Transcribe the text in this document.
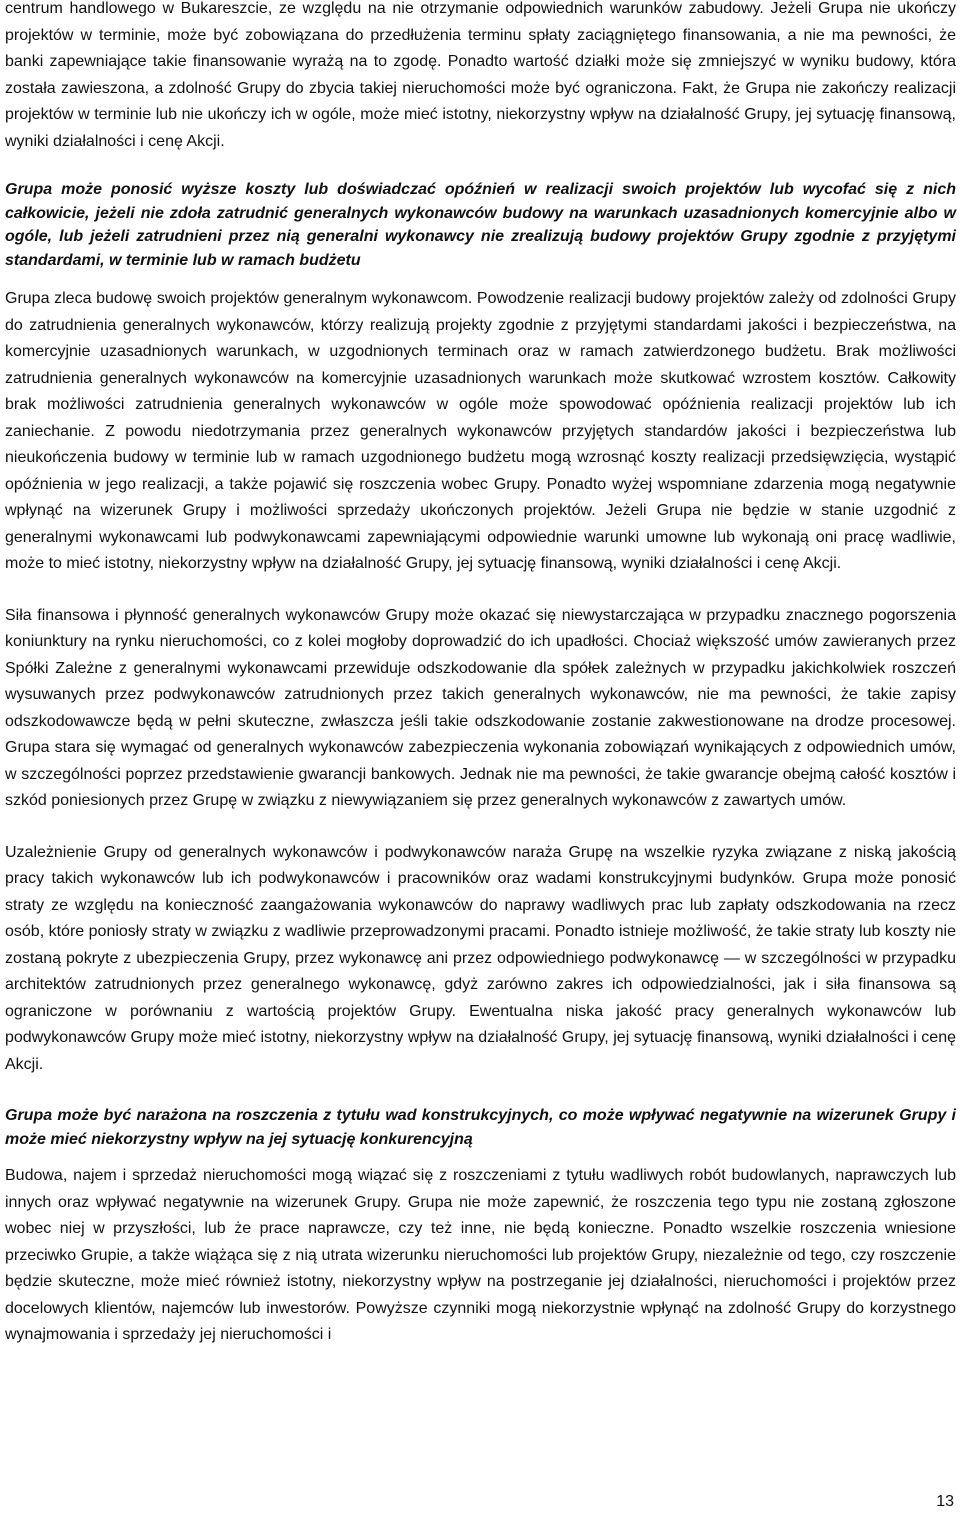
centrum handlowego w Bukareszcie, ze względu na nie otrzymanie odpowiednich warunków zabudowy. Jeżeli Grupa nie ukończy projektów w terminie, może być zobowiązana do przedłużenia terminu spłaty zaciągniętego finansowania, a nie ma pewności, że banki zapewniające takie finansowanie wyrażą na to zgodę. Ponadto wartość działki może się zmniejszyć w wyniku budowy, która została zawieszona, a zdolność Grupy do zbycia takiej nieruchomości może być ograniczona. Fakt, że Grupa nie zakończy realizacji projektów w terminie lub nie ukończy ich w ogóle, może mieć istotny, niekorzystny wpływ na działalność Grupy, jej sytuację finansową, wyniki działalności i cenę Akcji.

Grupa może ponosić wyższe koszty lub doświadczać opóźnień w realizacji swoich projektów lub wycofać się z nich całkowicie, jeżeli nie zdoła zatrudnić generalnych wykonawców budowy na warunkach uzasadnionych komercyjnie albo w ogóle, lub jeżeli zatrudnieni przez nią generalni wykonawcy nie zrealizują budowy projektów Grupy zgodnie z przyjętymi standardami, w terminie lub w ramach budżetu

Grupa zleca budowę swoich projektów generalnym wykonawcom. Powodzenie realizacji budowy projektów zależy od zdolności Grupy do zatrudnienia generalnych wykonawców, którzy realizują projekty zgodnie z przyjętymi standardami jakości i bezpieczeństwa, na komercyjnie uzasadnionych warunkach, w uzgodnionych terminach oraz w ramach zatwierdzonego budżetu. Brak możliwości zatrudnienia generalnych wykonawców na komercyjnie uzasadnionych warunkach może skutkować wzrostem kosztów. Całkowity brak możliwości zatrudnienia generalnych wykonawców w ogóle może spowodować opóźnienia realizacji projektów lub ich zaniechanie. Z powodu niedotrzymania przez generalnych wykonawców przyjętych standardów jakości i bezpieczeństwa lub nieukończenia budowy w terminie lub w ramach uzgodnionego budżetu mogą wzrosnąć koszty realizacji przedsięwzięcia, wystąpić opóźnienia w jego realizacji, a także pojawić się roszczenia wobec Grupy. Ponadto wyżej wspomniane zdarzenia mogą negatywnie wpłynąć na wizerunek Grupy i możliwości sprzedaży ukończonych projektów. Jeżeli Grupa nie będzie w stanie uzgodnić z generalnymi wykonawcami lub podwykonawcami zapewniającymi odpowiednie warunki umowne lub wykonają oni pracę wadliwie, może to mieć istotny, niekorzystny wpływ na działalność Grupy, jej sytuację finansową, wyniki działalności i cenę Akcji.

Siła finansowa i płynność generalnych wykonawców Grupy może okazać się niewystarczająca w przypadku znacznego pogorszenia koniunktury na rynku nieruchomości, co z kolei mogłoby doprowadzić do ich upadłości. Chociaż większość umów zawieranych przez Spółki Zależne z generalnymi wykonawcami przewiduje odszkodowanie dla spółek zależnych w przypadku jakichkolwiek roszczeń wysuwanych przez podwykonawców zatrudnionych przez takich generalnych wykonawców, nie ma pewności, że takie zapisy odszkodowawcze będą w pełni skuteczne, zwłaszcza jeśli takie odszkodowanie zostanie zakwestionowane na drodze procesowej. Grupa stara się wymagać od generalnych wykonawców zabezpieczenia wykonania zobowiązań wynikających z odpowiednich umów, w szczególności poprzez przedstawienie gwarancji bankowych. Jednak nie ma pewności, że takie gwarancje obejmą całość kosztów i szkód poniesionych przez Grupę w związku z niewywiązaniem się przez generalnych wykonawców z zawartych umów.

Uzależnienie Grupy od generalnych wykonawców i podwykonawców naraża Grupę na wszelkie ryzyka związane z niską jakością pracy takich wykonawców lub ich podwykonawców i pracowników oraz wadami konstrukcyjnymi budynków. Grupa może ponosić straty ze względu na konieczność zaangażowania wykonawców do naprawy wadliwych prac lub zapłaty odszkodowania na rzecz osób, które poniosły straty w związku z wadliwie przeprowadzonymi pracami. Ponadto istnieje możliwość, że takie straty lub koszty nie zostaną pokryte z ubezpieczenia Grupy, przez wykonawcę ani przez odpowiedniego podwykonawcę — w szczególności w przypadku architektów zatrudnionych przez generalnego wykonawcę, gdyż zarówno zakres ich odpowiedzialności, jak i siła finansowa są ograniczone w porównaniu z wartością projektów Grupy. Ewentualna niska jakość pracy generalnych wykonawców lub podwykonawców Grupy może mieć istotny, niekorzystny wpływ na działalność Grupy, jej sytuację finansową, wyniki działalności i cenę Akcji.

Grupa może być narażona na roszczenia z tytułu wad konstrukcyjnych, co może wpływać negatywnie na wizerunek Grupy i może mieć niekorzystny wpływ na jej sytuację konkurencyjną

Budowa, najem i sprzedaż nieruchomości mogą wiązać się z roszczeniami z tytułu wadliwych robót budowlanych, naprawczych lub innych oraz wpływać negatywnie na wizerunek Grupy. Grupa nie może zapewnić, że roszczenia tego typu nie zostaną zgłoszone wobec niej w przyszłości, lub że prace naprawcze, czy też inne, nie będą konieczne. Ponadto wszelkie roszczenia wniesione przeciwko Grupie, a także wiążąca się z nią utrata wizerunku nieruchomości lub projektów Grupy, niezależnie od tego, czy roszczenie będzie skuteczne, może mieć również istotny, niekorzystny wpływ na postrzeganie jej działalności, nieruchomości i projektów przez docelowych klientów, najemców lub inwestorów. Powyższe czynniki mogą niekorzystnie wpłynąć na zdolność Grupy do korzystnego wynajmowania i sprzedaży jej nieruchomości i

13
